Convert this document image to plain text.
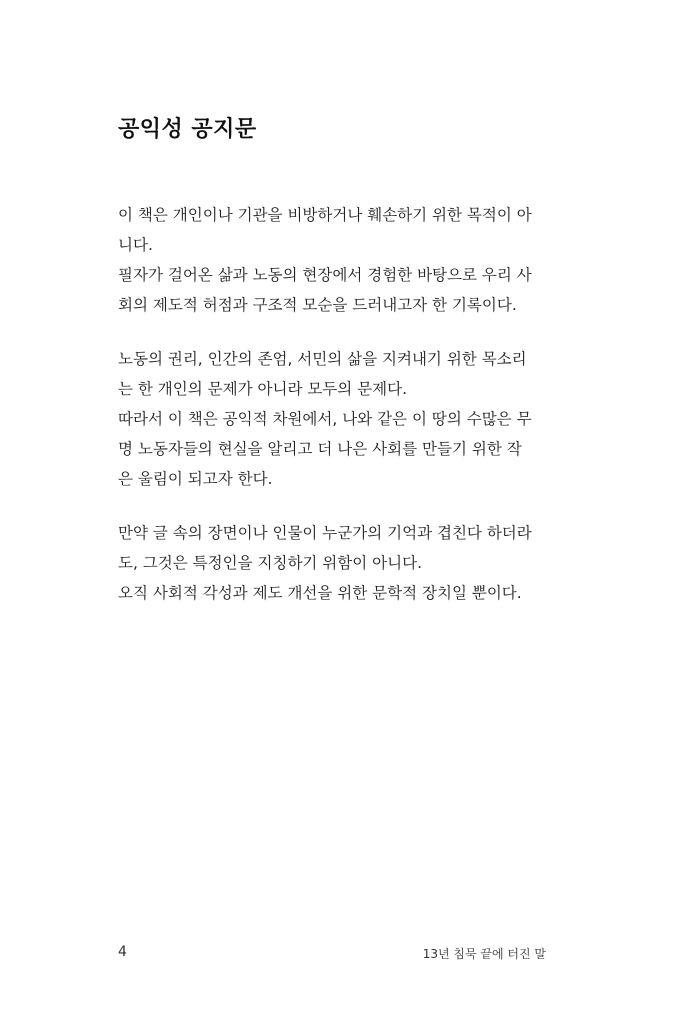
공익성 공지문
이 책은 개인이나 기관을 비방하거나 훼손하기 위한 목적이 아
니다.
필자가 걸어온 삶과 노동의 현장에서 경험한 바탕으로 우리 사
회의 제도적 허점과 구조적 모순을 드러내고자 한 기록이다.
노동의 권리, 인간의 존엄, 서민의 삶을 지켜내기 위한 목소리
는 한 개인의 문제가 아니라 모두의 문제다.
따라서 이 책은 공익적 차원에서, 나와 같은 이 땅의 수많은 무
명 노동자들의 현실을 알리고 더 나은 사회를 만들기 위한 작
은 울림이 되고자 한다.
만약 글 속의 장면이나 인물이 누군가의 기억과 겹친다 하더라
도, 그것은 특정인을 지칭하기 위함이 아니다.
오직 사회적 각성과 제도 개선을 위한 문학적 장치일 뿐이다.
4	13년 침묵 끝에 터진 말
